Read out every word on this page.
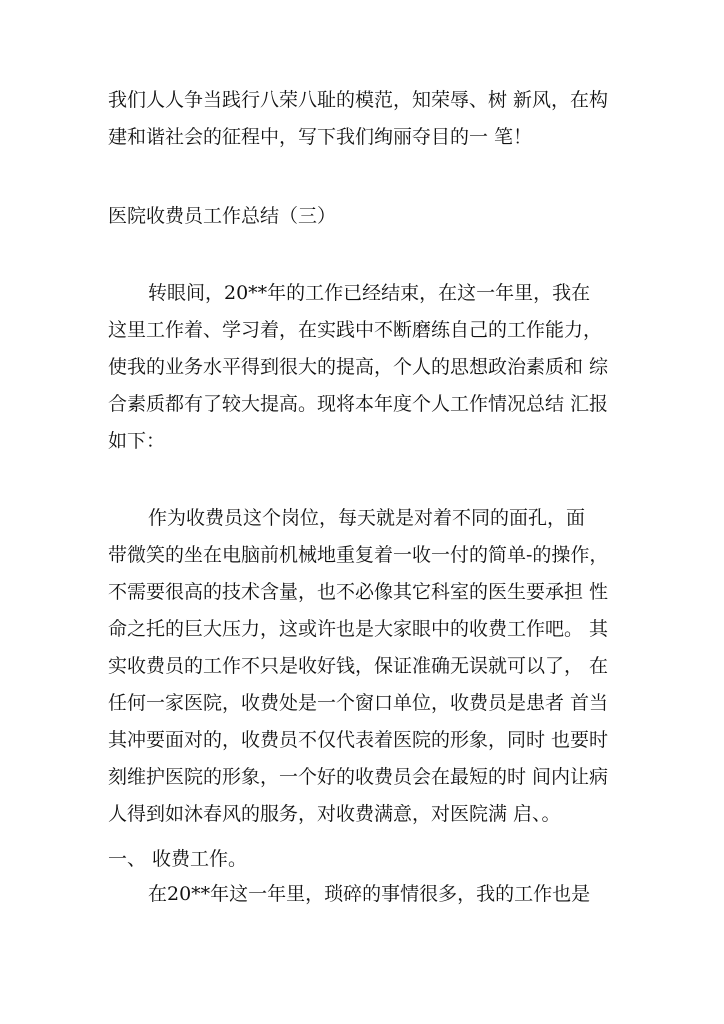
我们人人争当践行八荣八耻的模范，知荣辱、树 新风，在构
建和谐社会的征程中，写下我们绚丽夺目的一 笔！
医院收费员工作总结（三）
转眼间，20**年的工作已经结束，在这一年里，我在
这里工作着、学习着，在实践中不断磨练自己的工作能力，
使我的业务水平得到很大的提高，个人的思想政治素质和 综
合素质都有了较大提高。现将本年度个人工作情况总结 汇报
如下：
作为收费员这个岗位，每天就是对着不同的面孔，面
带微笑的坐在电脑前机械地重复着一收一付的简单-的操作，
不需要很高的技术含量，也不必像其它科室的医生要承担 性
命之托的巨大压力，这或许也是大家眼中的收费工作吧。 其
实收费员的工作不只是收好钱，保证准确无误就可以了， 在
任何一家医院，收费处是一个窗口单位，收费员是患者 首当
其冲要面对的，收费员不仅代表着医院的形象，同时 也要时
刻维护医院的形象，一个好的收费员会在最短的时 间内让病
人得到如沐春风的服务，对收费满意，对医院满 启、。
一、 收费工作。
在20**年这一年里，琐碎的事情很多，我的工作也是
